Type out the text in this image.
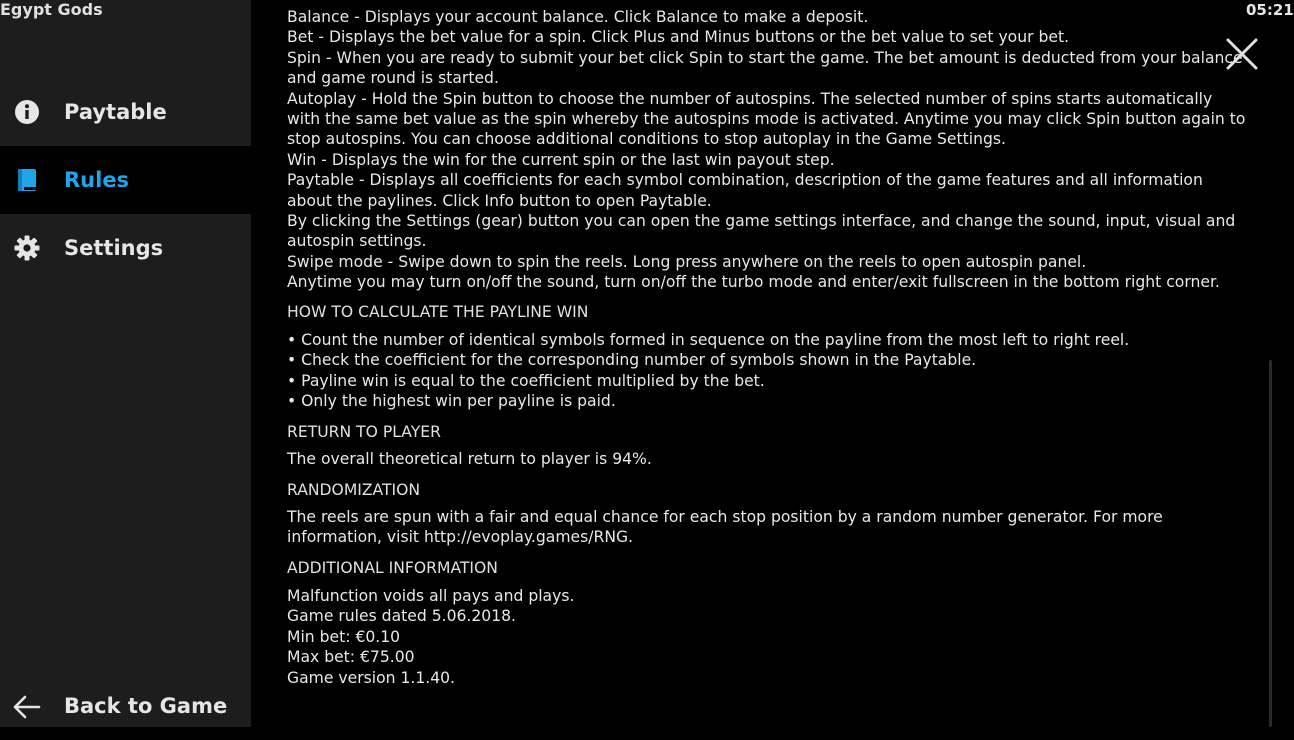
Egypt Gods
Paytable
Rules
Settings
Back to Game
Balance - Displays your account balance. Click Balance to make a deposit.
Bet - Displays the bet value for a spin. Click Plus and Minus buttons or the bet value to set your bet.
Spin - When you are ready to submit your bet click Spin to start the game. The bet amount is deducted from your balance
and game round is started.
Autoplay - Hold the Spin button to choose the number of autospins. The selected number of spins starts automatically
with the same bet value as the spin whereby the autospins mode is activated. Anytime you may click Spin button again to
stop autospins. You can choose additional conditions to stop autoplay in the Game Settings.
Win - Displays the win for the current spin or the last win payout step.
Paytable - Displays all coefficients for each symbol combination, description of the game features and all information
about the paylines. Click Info button to open Paytable.
By clicking the Settings (gear) button you can open the game settings interface, and change the sound, input, visual and
autospin settings.
Swipe mode - Swipe down to spin the reels. Long press anywhere on the reels to open autospin panel.
Anytime you may turn on/off the sound, turn on/off the turbo mode and enter/exit fullscreen in the bottom right corner.
HOW TO CALCULATE THE PAYLINE WIN
• Count the number of identical symbols formed in sequence on the payline from the most left to right reel.
• Check the coefficient for the corresponding number of symbols shown in the Paytable.
• Payline win is equal to the coefficient multiplied by the bet.
• Only the highest win per payline is paid.
RETURN TO PLAYER
The overall theoretical return to player is 94%.
RANDOMIZATION
The reels are spun with a fair and equal chance for each stop position by a random number generator. For more
information, visit http://evoplay.games/RNG.
ADDITIONAL INFORMATION
Malfunction voids all pays and plays.
Game rules dated 5.06.2018.
Min bet: €0.10
Max bet: €75.00
Game version 1.1.40.
05:21
